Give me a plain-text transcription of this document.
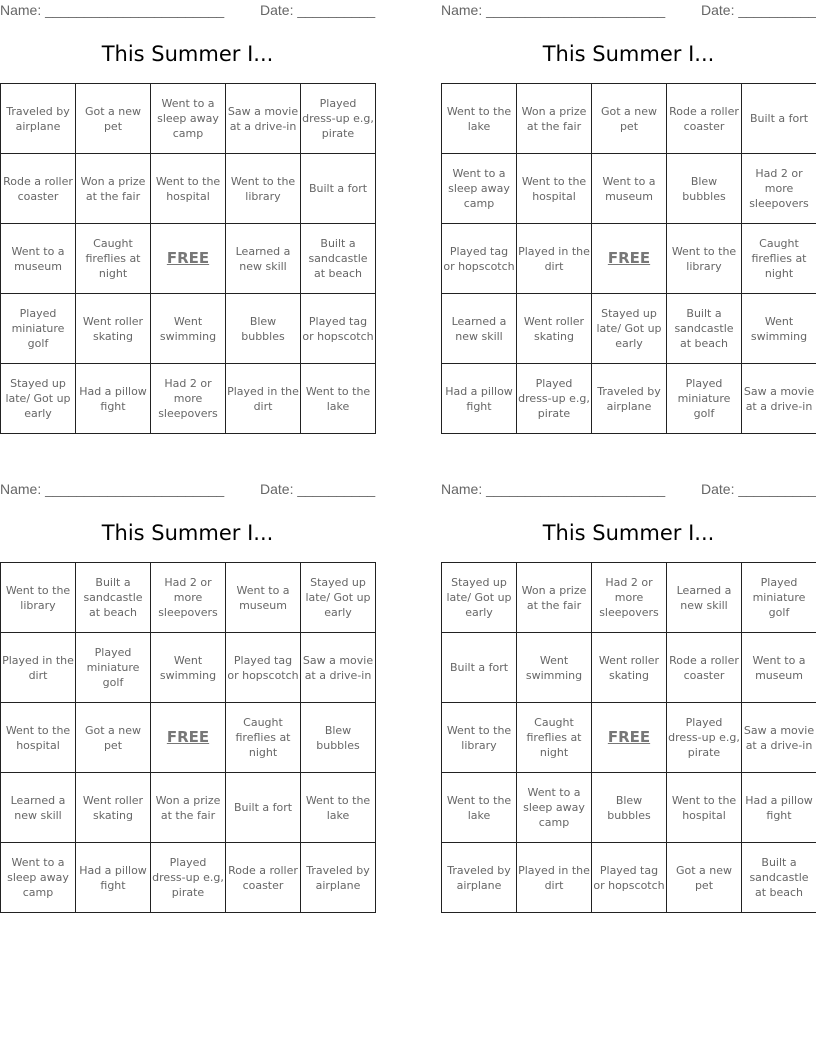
Name: _______________________	Date: __________
This Summer I...
Traveled by airplane	Got a new pet	Went to a sleep away camp	Saw a movie at a drive-in	Played dress-up e.g, pirate
Rode a roller coaster	Won a prize at the fair	Went to the hospital	Went to the library	Built a fort
Went to a museum	Caught fireflies at night	FREE	Learned a new skill	Built a sandcastle at beach
Played miniature golf	Went roller skating	Went swimming	Blew bubbles	Played tag or hopscotch
Stayed up late/ Got up early	Had a pillow fight	Had 2 or more sleepovers	Played in the dirt	Went to the lake
Name: _______________________	Date: __________
This Summer I...
Went to the lake	Won a prize at the fair	Got a new pet	Rode a roller coaster	Built a fort
Went to a sleep away camp	Went to the hospital	Went to a museum	Blew bubbles	Had 2 or more sleepovers
Played tag or hopscotch	Played in the dirt	FREE	Went to the library	Caught fireflies at night
Learned a new skill	Went roller skating	Stayed up late/ Got up early	Built a sandcastle at beach	Went swimming
Had a pillow fight	Played dress-up e.g, pirate	Traveled by airplane	Played miniature golf	Saw a movie at a drive-in
Name: _______________________	Date: __________
This Summer I...
Went to the library	Built a sandcastle at beach	Had 2 or more sleepovers	Went to a museum	Stayed up late/ Got up early
Played in the dirt	Played miniature golf	Went swimming	Played tag or hopscotch	Saw a movie at a drive-in
Went to the hospital	Got a new pet	FREE	Caught fireflies at night	Blew bubbles
Learned a new skill	Went roller skating	Won a prize at the fair	Built a fort	Went to the lake
Went to a sleep away camp	Had a pillow fight	Played dress-up e.g, pirate	Rode a roller coaster	Traveled by airplane
Name: _______________________	Date: __________
This Summer I...
Stayed up late/ Got up early	Won a prize at the fair	Had 2 or more sleepovers	Learned a new skill	Played miniature golf
Built a fort	Went swimming	Went roller skating	Rode a roller coaster	Went to a museum
Went to the library	Caught fireflies at night	FREE	Played dress-up e.g, pirate	Saw a movie at a drive-in
Went to the lake	Went to a sleep away camp	Blew bubbles	Went to the hospital	Had a pillow fight
Traveled by airplane	Played in the dirt	Played tag or hopscotch	Got a new pet	Built a sandcastle at beach
